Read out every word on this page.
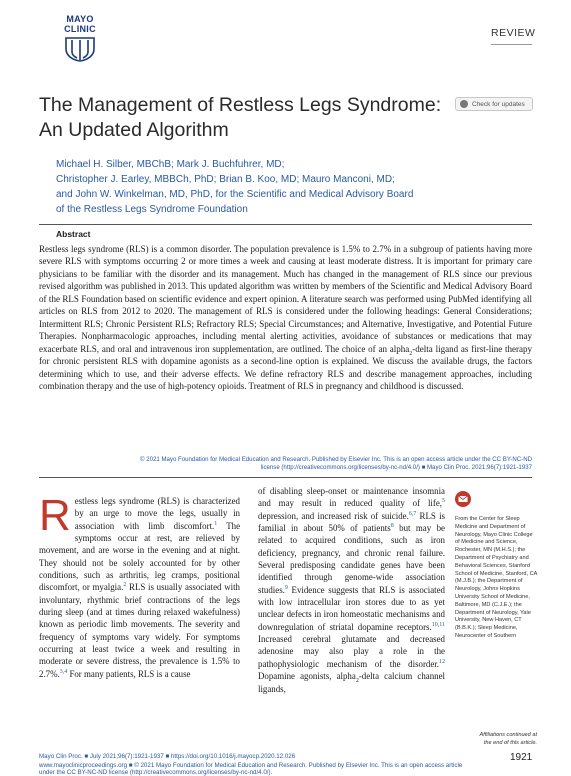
MAYO
CLINIC	REVIEW
The Management of Restless Legs Syndrome: An Updated Algorithm
Check for updates
Michael H. Silber, MBChB; Mark J. Buchfuhrer, MD;
Christopher J. Earley, MBBCh, PhD; Brian B. Koo, MD; Mauro Manconi, MD;
and John W. Winkelman, MD, PhD, for the Scientific and Medical Advisory Board
of the Restless Legs Syndrome Foundation
Abstract
Restless legs syndrome (RLS) is a common disorder. The population prevalence is 1.5% to 2.7% in a subgroup of patients having more severe RLS with symptoms occurring 2 or more times a week and causing at least moderate distress. It is important for primary care physicians to be familiar with the disorder and its management. Much has changed in the management of RLS since our previous revised algorithm was published in 2013. This updated algorithm was written by members of the Scientific and Medical Advisory Board of the RLS Foundation based on scientific evidence and expert opinion. A literature search was performed using PubMed identifying all articles on RLS from 2012 to 2020. The management of RLS is considered under the following headings: General Considerations; Intermittent RLS; Chronic Persistent RLS; Refractory RLS; Special Circumstances; and Alternative, Investigative, and Potential Future Therapies. Nonpharmacologic approaches, including mental alerting activities, avoidance of substances or medications that may exacerbate RLS, and oral and intravenous iron supplementation, are outlined. The choice of an alpha$_2$-delta ligand as first-line therapy for chronic persistent RLS with dopamine agonists as a second-line option is explained. We discuss the available drugs, the factors determining which to use, and their adverse effects. We define refractory RLS and describe management approaches, including combination therapy and the use of high-potency opioids. Treatment of RLS in pregnancy and childhood is discussed.
© 2021 Mayo Foundation for Medical Education and Research. Published by Elsevier Inc. This is an open access article under the CC BY-NC-ND
license (http://creativecommons.org/licenses/by-nc-nd/4.0/) ■ Mayo Clin Proc. 2021;96(7):1921-1937
Restless legs syndrome (RLS) is characterized by an urge to move the legs, usually in association with limb discomfort.$^1$ The symptoms occur at rest, are relieved by movement, and are worse in the evening and at night. They should not be solely accounted for by other conditions, such as arthritis, leg cramps, positional discomfort, or myalgia.$^2$ RLS is usually associated with involuntary, rhythmic brief contractions of the legs during sleep (and at times during relaxed wakefulness) known as periodic limb movements. The severity and frequency of symptoms vary widely. For symptoms occurring at least twice a week and resulting in moderate or severe distress, the prevalence is 1.5% to 2.7%.$^{3,4}$ For many patients, RLS is a cause
of disabling sleep-onset or maintenance insomnia and may result in reduced quality of life,$^5$ depression, and increased risk of suicide.$^{6,7}$ RLS is familial in about 50% of patients$^8$ but may be related to acquired conditions, such as iron deficiency, pregnancy, and chronic renal failure. Several predisposing candidate genes have been identified through genome-wide association studies.$^9$ Evidence suggests that RLS is associated with low intracellular iron stores due to as yet unclear defects in iron homeostatic mechanisms and downregulation of striatal dopamine receptors.$^{10,11}$ Increased cerebral glutamate and decreased adenosine may also play a role in the pathophysiologic mechanism of the disorder.$^{12}$ Dopamine agonists, alpha$_2$-delta calcium channel ligands,
From the Center for Sleep Medicine and Department of Neurology, Mayo Clinic College of Medicine and Science, Rochester, MN (M.H.S.); the Department of Psychiatry and Behavioral Sciences, Stanford School of Medicine, Stanford, CA (M.J.B.); the Department of Neurology, Johns Hopkins University School of Medicine, Baltimore, MD (C.J.E.); the Department of Neurology, Yale University, New Haven, CT (B.B.K.); Sleep Medicine, Neurocenter of Southern
Affiliations continued at
the end of this article.
Mayo Clin Proc. ■ July 2021;96(7):1921-1937 ■ https://doi.org/10.1016/j.mayocp.2020.12.026
www.mayoclinicproceedings.org ■ © 2021 Mayo Foundation for Medical Education and Research. Published by Elsevier Inc. This is an open access article
under the CC BY-NC-ND license (http://creativecommons.org/licenses/by-nc-nd/4.0/).
1921
